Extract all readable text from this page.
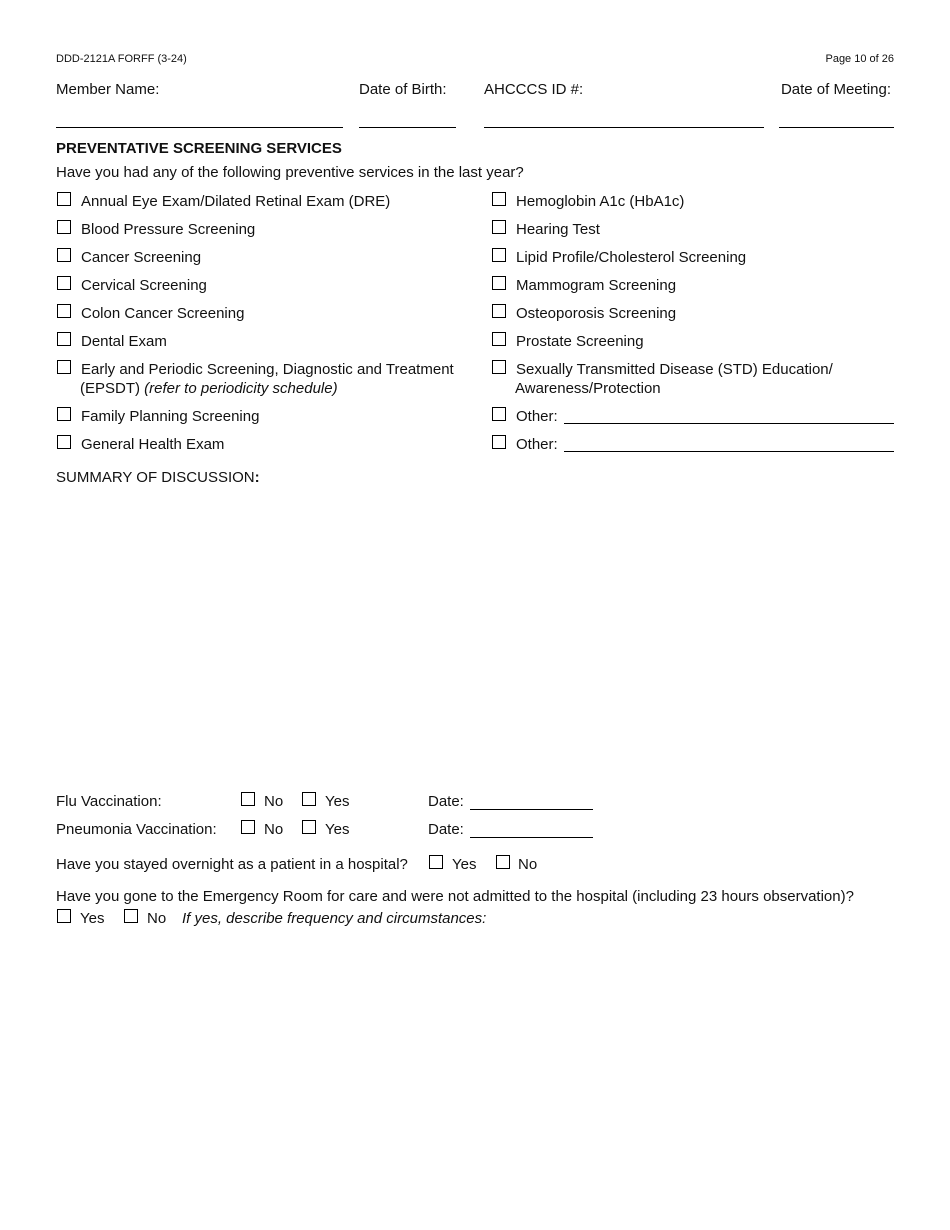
DDD-2121A FORFF (3-24)	Page 10 of 26
Member Name:	Date of Birth: AHCCCS ID #:	Date of Meeting:
PREVENTATIVE SCREENING SERVICES
Have you had any of the following preventive services in the last year?
Annual Eye Exam/Dilated Retinal Exam (DRE)
Blood Pressure Screening
Cancer Screening
Cervical Screening
Colon Cancer Screening
Dental Exam
Early and Periodic Screening, Diagnostic and Treatment
(EPSDT) (refer to periodicity schedule)
Family Planning Screening
General Health Exam
Hemoglobin A1c (HbA1c)
Hearing Test
Lipid Profile/Cholesterol Screening
Mammogram Screening
Osteoporosis Screening
Prostate Screening
Sexually Transmitted Disease (STD) Education/
Awareness/Protection
Other:
Other:
SUMMARY OF DISCUSSION:
Flu Vaccination:	No	Yes	Date:
Pneumonia Vaccination:	No	Yes	Date:
Have you stayed overnight as a patient in a hospital?	Yes	No
Have you gone to the Emergency Room for care and were not admitted to the hospital (including 23 hours observation)?
Yes	No If yes, describe frequency and circumstances:
